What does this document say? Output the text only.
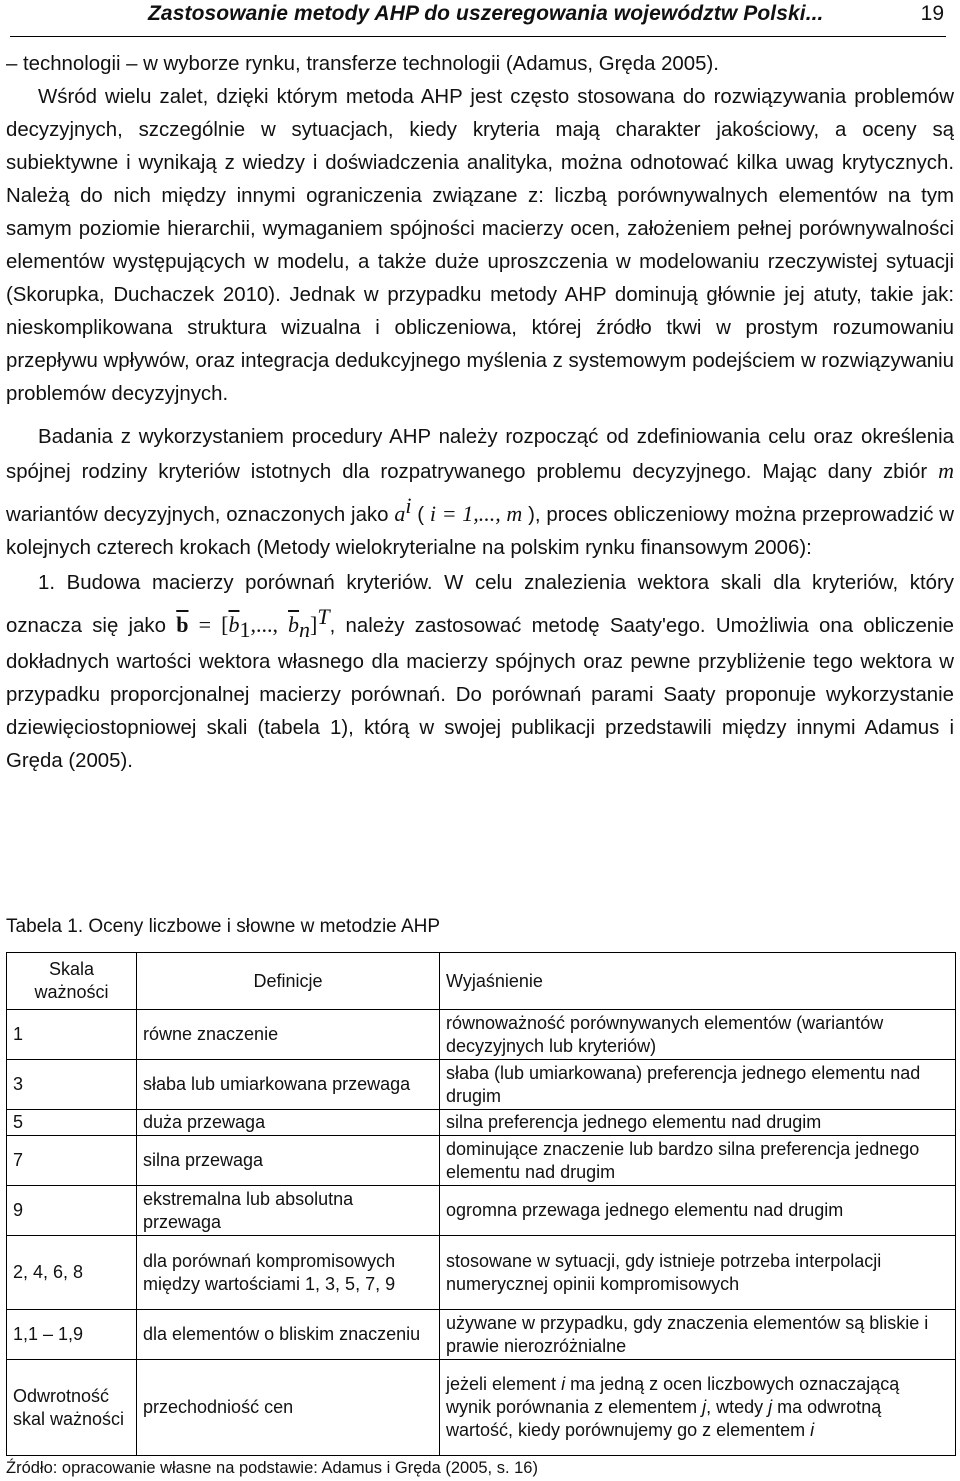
Zastosowanie metody AHP do uszeregowania województw Polski...	19

– technologii – w wyborze rynku, transferze technologii (Adamus, Gręda 2005).

Wśród wielu zalet, dzięki którym metoda AHP jest często stosowana do rozwiązywania problemów decyzyjnych, szczególnie w sytuacjach, kiedy kryteria mają charakter jakościowy, a oceny są subiektywne i wynikają z wiedzy i doświadczenia analityka, można odnotować kilka uwag krytycznych. Należą do nich między innymi ograniczenia związane z: liczbą porównywalnych elementów na tym samym poziomie hierarchii, wymaganiem spójności macierzy ocen, założeniem pełnej porównywalności elementów występujących w modelu, a także duże uproszczenia w modelowaniu rzeczywistej sytuacji (Skorupka, Duchaczek 2010). Jednak w przypadku metody AHP dominują głównie jej atuty, takie jak: nieskomplikowana struktura wizualna i obliczeniowa, której źródło tkwi w prostym rozumowaniu przepływu wpływów, oraz integracja dedukcyjnego myślenia z systemowym podejściem w rozwiązywaniu problemów decyzyjnych.

Badania z wykorzystaniem procedury AHP należy rozpocząć od zdefiniowania celu oraz określenia spójnej rodziny kryteriów istotnych dla rozpatrywanego problemu decyzyjnego. Mając dany zbiór m wariantów decyzyjnych, oznaczonych jako $a^i$ ( i = 1,..., m ), proces obliczeniowy można przeprowadzić w kolejnych czterech krokach (Metody wielokryterialne na polskim rynku finansowym 2006):

1. Budowa macierzy porównań kryteriów. W celu znalezienia wektora skali dla kryteriów, który oznacza się jako $\overline{b} = [\overline{b}_1$,..., $\overline{b}_n]^T$, należy zastosować metodę Saaty'ego. Umożliwia ona obliczenie dokładnych wartości wektora własnego dla macierzy spójnych oraz pewne przybliżenie tego wektora w przypadku proporcjonalnej macierzy porównań. Do porównań parami Saaty proponuje wykorzystanie dziewięciostopniowej skali (tabela 1), którą w swojej publikacji przedstawili między innymi Adamus i Gręda (2005).

Tabela 1. Oceny liczbowe i słowne w metodzie AHP
Skala ważności	Definicje	Wyjaśnienie
1	równe znaczenie	równoważność porównywanych elementów (wariantów decyzyjnych lub kryteriów)
3	słaba lub umiarkowana przewaga	słaba (lub umiarkowana) preferencja jednego elementu nad drugim
5	duża przewaga	silna preferencja jednego elementu nad drugim
7	silna przewaga	dominujące znaczenie lub bardzo silna preferencja jednego elementu nad drugim
9	ekstremalna lub absolutna przewaga	ogromna przewaga jednego elementu nad drugim
2, 4, 6, 8	dla porównań kompromisowych między wartościami 1, 3, 5, 7, 9	stosowane w sytuacji, gdy istnieje potrzeba interpolacji numerycznej opinii kompromisowych
1,1 – 1,9	dla elementów o bliskim znaczeniu	używane w przypadku, gdy znaczenia elementów są bliskie i prawie nierozróżnialne
Odwrotność skal ważności	przechodniość cen	jeżeli element i ma jedną z ocen liczbowych oznaczającą wynik porównania z elementem j, wtedy j ma odwrotną wartość, kiedy porównujemy go z elementem i
Źródło: opracowanie własne na podstawie: Adamus i Gręda (2005, s. 16)
